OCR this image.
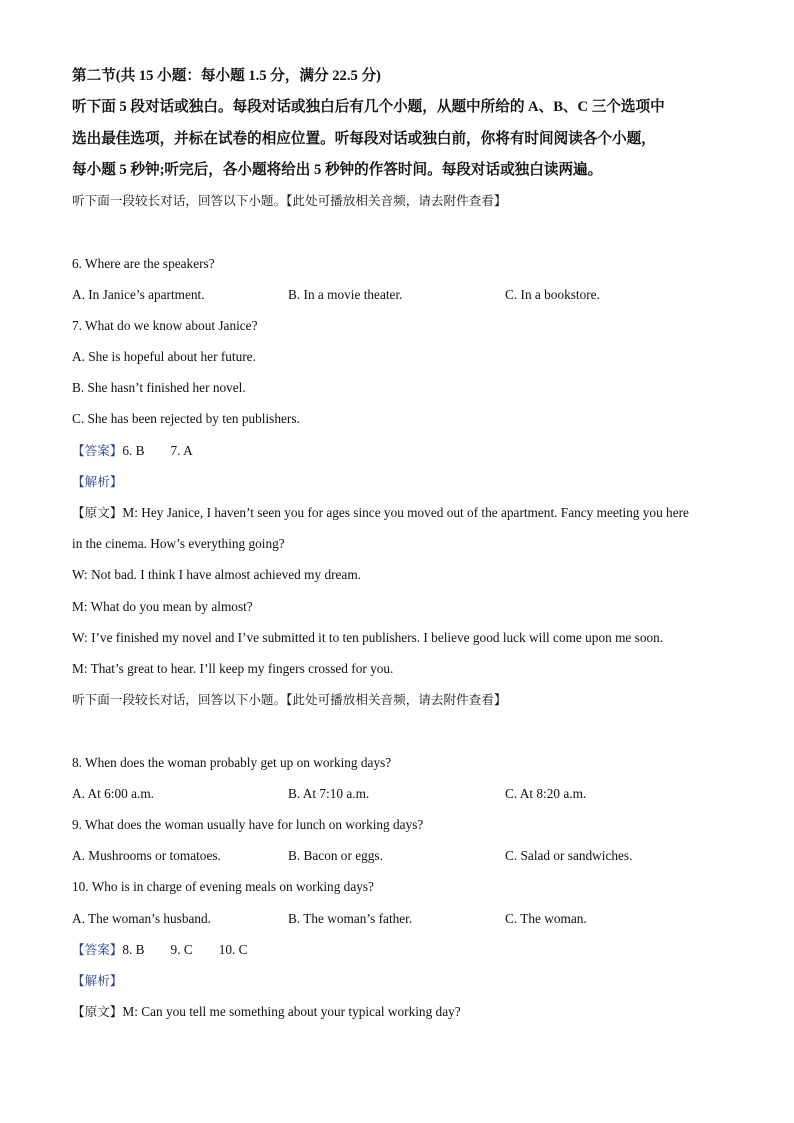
第二节(共 15 小题：每小题 1.5 分，满分 22.5 分)
听下面 5 段对话或独白。每段对话或独白后有几个小题，从题中所给的 A、B、C 三个选项中
选出最佳选项，并标在试卷的相应位置。听每段对话或独白前，你将有时间阅读各个小题，
每小题 5 秒钟;听完后，各小题将给出 5 秒钟的作答时间。每段对话或独白读两遍。
听下面一段较长对话，回答以下小题。【此处可播放相关音频，请去附件查看】
6. Where are the speakers?
A. In Janice’s apartment.	B. In a movie theater.	C. In a bookstore.
7. What do we know about Janice?
A. She is hopeful about her future.
B. She hasn’t finished her novel.
C. She has been rejected by ten publishers.
【答案】6. B 7. A
【解析】
【原文】M: Hey Janice, I haven’t seen you for ages since you moved out of the apartment. Fancy meeting you here
in the cinema. How’s everything going?
W: Not bad. I think I have almost achieved my dream.
M: What do you mean by almost?
W: I’ve finished my novel and I’ve submitted it to ten publishers. I believe good luck will come upon me soon.
M: That’s great to hear. I’ll keep my fingers crossed for you.
听下面一段较长对话，回答以下小题。【此处可播放相关音频，请去附件查看】
8. When does the woman probably get up on working days?
A. At 6:00 a.m.	B. At 7:10 a.m.	C. At 8:20 a.m.
9. What does the woman usually have for lunch on working days?
A. Mushrooms or tomatoes.	B. Bacon or eggs.	C. Salad or sandwiches.
10. Who is in charge of evening meals on working days?
A. The woman’s husband.	B. The woman’s father.	C. The woman.
【答案】8. B 9. C 10. C
【解析】
【原文】M: Can you tell me something about your typical working day?
